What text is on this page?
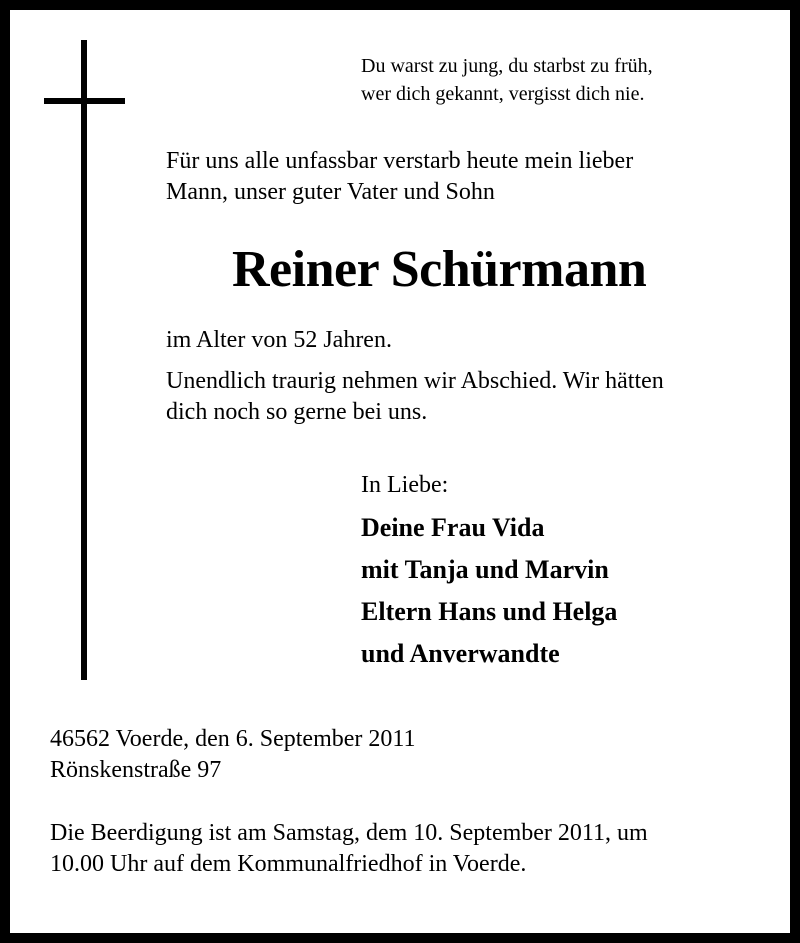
Du warst zu jung, du starbst zu früh,
wer dich gekannt, vergisst dich nie.
Für uns alle unfassbar verstarb heute mein lieber
Mann, unser guter Vater und Sohn
Reiner Schürmann
im Alter von 52 Jahren.
Unendlich traurig nehmen wir Abschied. Wir hätten
dich noch so gerne bei uns.
In Liebe:
Deine Frau Vida
mit Tanja und Marvin
Eltern Hans und Helga
und Anverwandte
46562 Voerde, den 6. September 2011
Rönskenstraße 97
Die Beerdigung ist am Samstag, dem 10. September 2011, um
10.00 Uhr auf dem Kommunalfriedhof in Voerde.
